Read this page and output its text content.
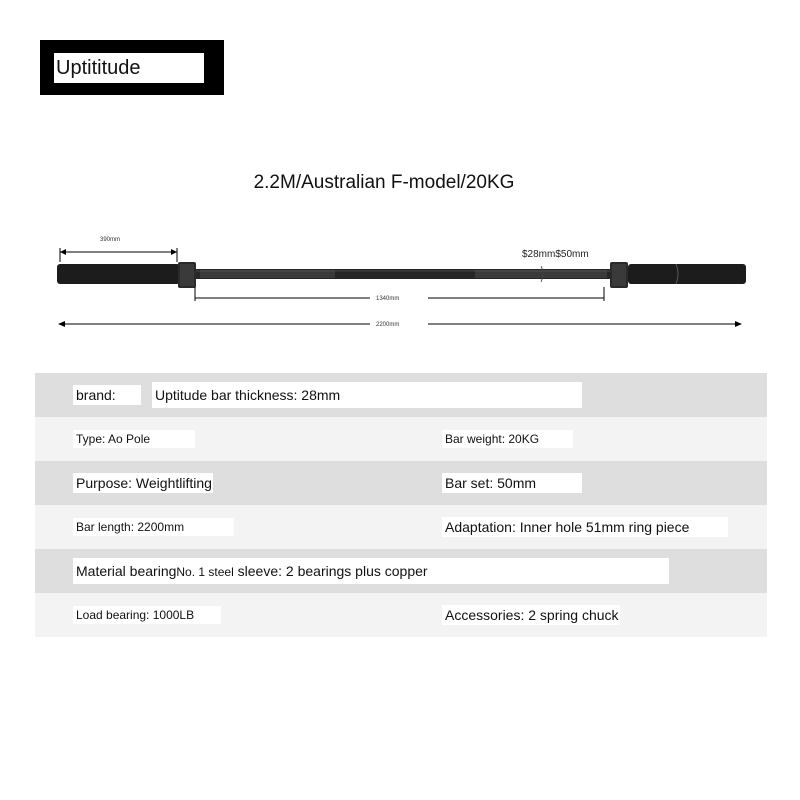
Uptititude
2.2M/Australian F-model/20KG
390mm
$28mm$50mm
1340mm
2200mm
brand:	Uptitude bar thickness: 28mm
Type: Ao Pole	Bar weight: 20KG
Purpose: Weightlifting	Bar set: 50mm
Bar length: 2200mm	Adaptation: Inner hole 51mm ring piece
Material bearingNo. 1 steel sleeve: 2 bearings plus copper
Load bearing: 1000LB	Accessories: 2 spring chuck
